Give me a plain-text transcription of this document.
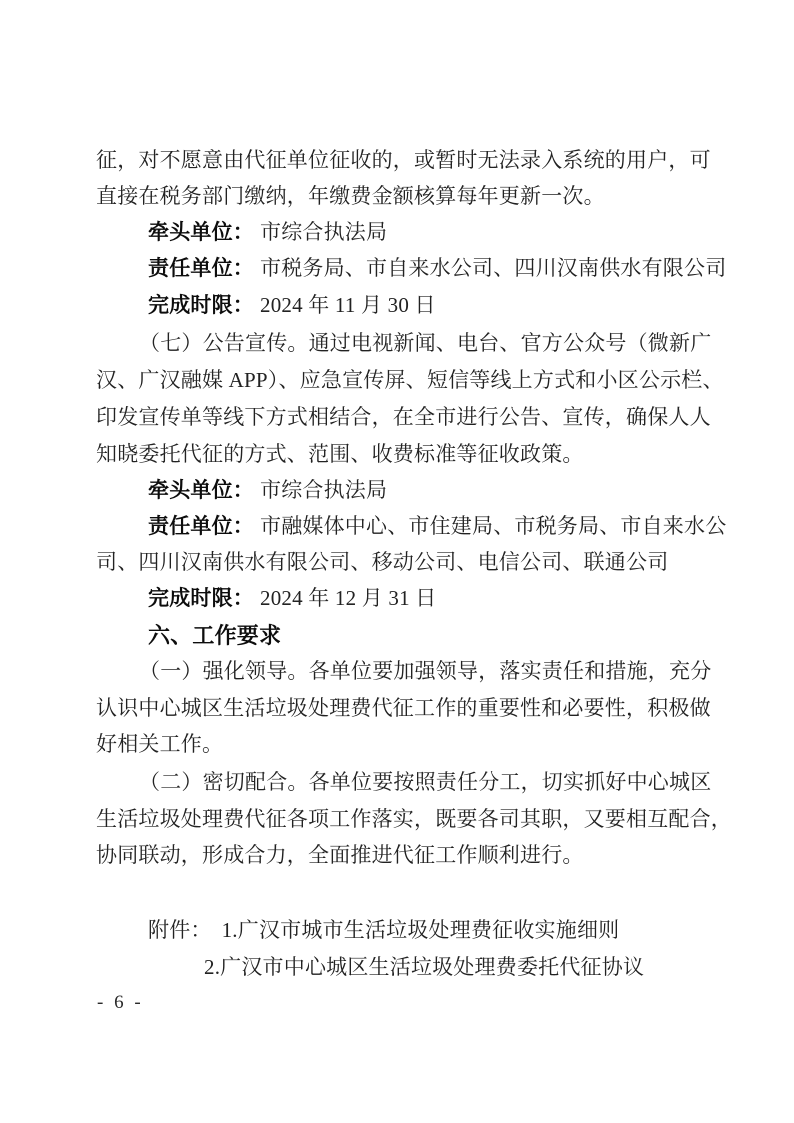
征，对不愿意由代征单位征收的，或暂时无法录入系统的用户，可
直接在税务部门缴纳，年缴费金额核算每年更新一次。
牵头单位： 市综合执法局
责任单位： 市税务局、市自来水公司、四川汉南供水有限公司
完成时限： 2024 年 11 月 30 日
（七）公告宣传。通过电视新闻、电台、官方公众号（微新广
汉、广汉融媒 APP）、应急宣传屏、短信等线上方式和小区公示栏、
印发宣传单等线下方式相结合，在全市进行公告、宣传，确保人人
知晓委托代征的方式、范围、收费标准等征收政策。
牵头单位： 市综合执法局
责任单位： 市融媒体中心、市住建局、市税务局、市自来水公
司、四川汉南供水有限公司、移动公司、电信公司、联通公司
完成时限： 2024 年 12 月 31 日
六、工作要求
（一）强化领导。各单位要加强领导，落实责任和措施，充分
认识中心城区生活垃圾处理费代征工作的重要性和必要性，积极做
好相关工作。
（二）密切配合。各单位要按照责任分工，切实抓好中心城区
生活垃圾处理费代征各项工作落实，既要各司其职，又要相互配合，
协同联动，形成合力，全面推进代征工作顺利进行。
附件： 1.广汉市城市生活垃圾处理费征收实施细则
2.广汉市中心城区生活垃圾处理费委托代征协议
- 6 -
